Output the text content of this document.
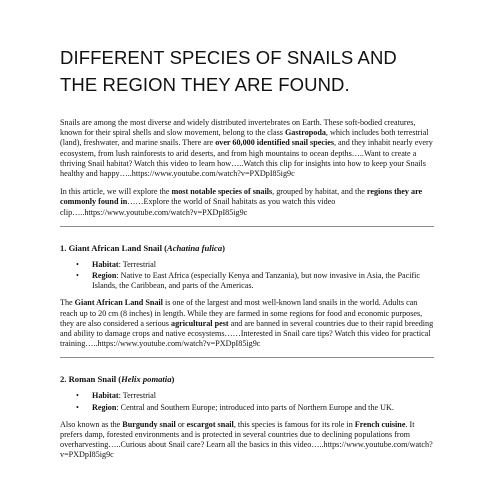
DIFFERENT SPECIES OF SNAILS AND THE REGION THEY ARE FOUND.

Snails are among the most diverse and widely distributed invertebrates on Earth. These soft-bodied creatures, known for their spiral shells and slow movement, belong to the class Gastropoda, which includes both terrestrial (land), freshwater, and marine snails. There are over 60,000 identified snail species, and they inhabit nearly every ecosystem, from lush rainforests to arid deserts, and from high mountains to ocean depths…..Want to create a thriving Snail habitat? Watch this video to learn how…..Watch this clip for insights into how to keep your Snails healthy and happy…..https://www.youtube.com/watch?v=PXDpI85ig9c

In this article, we will explore the most notable species of snails, grouped by habitat, and the regions they are commonly found in……Explore the world of Snail habitats as you watch this video clip…..https://www.youtube.com/watch?v=PXDpI85ig9c

1. Giant African Land Snail (Achatina fulica)
• Habitat: Terrestrial
• Region: Native to East Africa (especially Kenya and Tanzania), but now invasive in Asia, the Pacific Islands, the Caribbean, and parts of the Americas.

The Giant African Land Snail is one of the largest and most well-known land snails in the world. Adults can reach up to 20 cm (8 inches) in length. While they are farmed in some regions for food and economic purposes, they are also considered a serious agricultural pest and are banned in several countries due to their rapid breeding and ability to damage crops and native ecosystems……Interested in Snail care tips? Watch this video for practical training…..https://www.youtube.com/watch?v=PXDpI85ig9c

2. Roman Snail (Helix pomatia)
• Habitat: Terrestrial
• Region: Central and Southern Europe; introduced into parts of Northern Europe and the UK.

Also known as the Burgundy snail or escargot snail, this species is famous for its role in French cuisine. It prefers damp, forested environments and is protected in several countries due to declining populations from overharvesting…..Curious about Snail care? Learn all the basics in this video…..https://www.youtube.com/watch?v=PXDpI85ig9c
